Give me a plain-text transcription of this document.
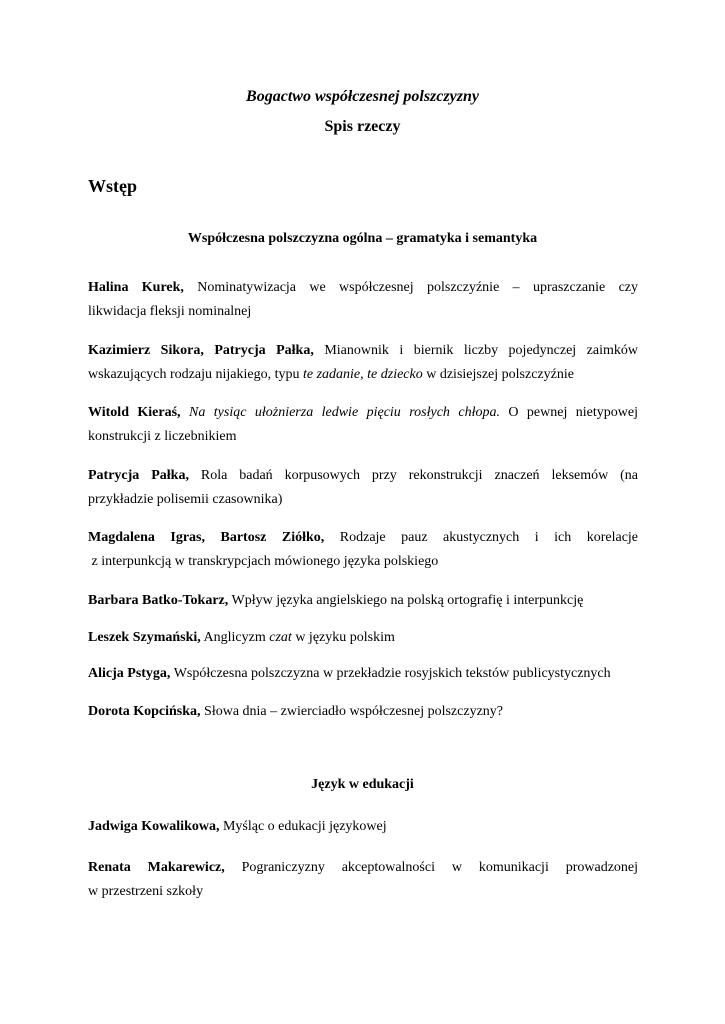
Bogactwo współczesnej polszczyzny
Spis rzeczy
Wstęp
Współczesna polszczyzna ogólna – gramatyka i semantyka
Halina Kurek, Nominatywizacja we współczesnej polszczyźnie – upraszczanie czy
likwidacja fleksji nominalnej
Kazimierz Sikora, Patrycja Pałka, Mianownik i biernik liczby pojedynczej zaimków
wskazujących rodzaju nijakiego, typu te zadanie, te dziecko w dzisiejszej polszczyźnie
Witold Kieraś, Na tysiąc ułożnierza ledwie pięciu rosłych chłopa. O pewnej nietypowej
konstrukcji z liczebnikiem
Patrycja Pałka, Rola badań korpusowych przy rekonstrukcji znaczeń leksemów (na
przykładzie polisemii czasownika)
Magdalena Igras, Bartosz Ziółko, Rodzaje pauz akustycznych i ich korelacje
z interpunkcją w transkrypcjach mówionego języka polskiego
Barbara Batko-Tokarz, Wpływ języka angielskiego na polską ortografię i interpunkcję
Leszek Szymański, Anglicyzm czat w języku polskim
Alicja Pstyga, Współczesna polszczyzna w przekładzie rosyjskich tekstów publicystycznych
Dorota Kopcińska, Słowa dnia – zwierciadło współczesnej polszczyzny?
Język w edukacji
Jadwiga Kowalikowa, Myśląc o edukacji językowej
Renata Makarewicz, Pograniczyzny akceptowalności w komunikacji prowadzonej
w przestrzeni szkoły
